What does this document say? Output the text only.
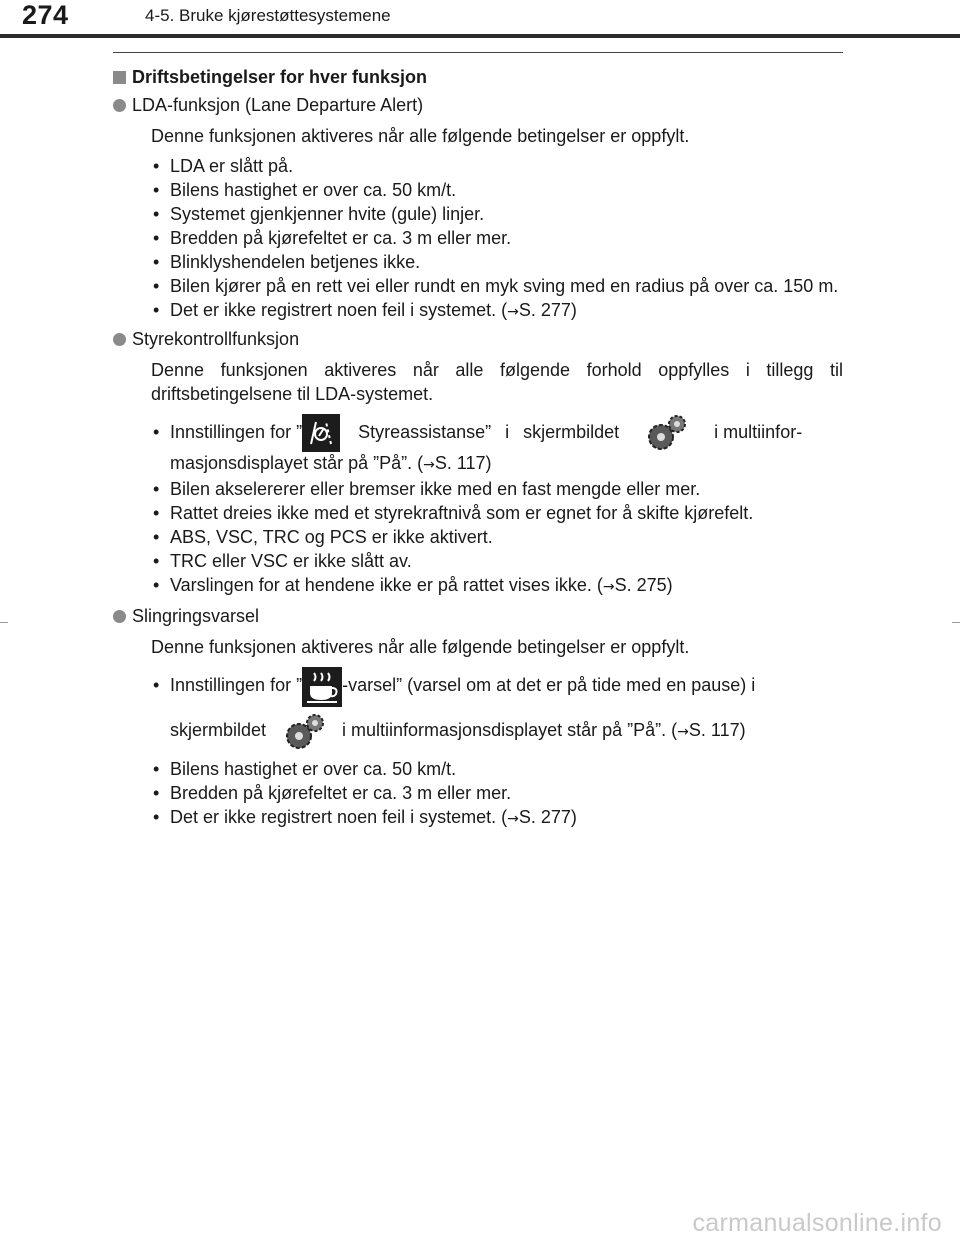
274	4-5. Bruke kjørestøttesystemene
Driftsbetingelser for hver funksjon
LDA-funksjon (Lane Departure Alert)

Denne funksjonen aktiveres når alle følgende betingelser er oppfylt.

• LDA er slått på.
• Bilens hastighet er over ca. 50 km/t.
• Systemet gjenkjenner hvite (gule) linjer.
• Bredden på kjørefeltet er ca. 3 m eller mer.
• Blinklyshendelen betjenes ikke.
• Bilen kjører på en rett vei eller rundt en myk sving med en radius på over ca. 150 m.
• Det er ikke registrert noen feil i systemet. (→S. 277)
Styrekontrollfunksjon

Denne funksjonen aktiveres når alle følgende forhold oppfylles i tillegg til driftsbetingelsene til LDA-systemet.

• Innstillingen for ” Styreassistanse” i skjermbildet	i multiinfor-
masjonsdisplayet står på ”På”. (→S. 117)
• Bilen akselererer eller bremser ikke med en fast mengde eller mer.
• Rattet dreies ikke med et styrekraftnivå som er egnet for å skifte kjørefelt.
• ABS, VSC, TRC og PCS er ikke aktivert.
• TRC eller VSC er ikke slått av.
• Varslingen for at hendene ikke er på rattet vises ikke. (→S. 275)
Slingringsvarsel

Denne funksjonen aktiveres når alle følgende betingelser er oppfylt.

• Innstillingen for ” -varsel” (varsel om at det er på tide med en pause) i
skjermbildet	i multiinformasjonsdisplayet står på ”På”. (→S. 117)
• Bilens hastighet er over ca. 50 km/t.
• Bredden på kjørefeltet er ca. 3 m eller mer.
• Det er ikke registrert noen feil i systemet. (→S. 277)
carmanualsonline.info
